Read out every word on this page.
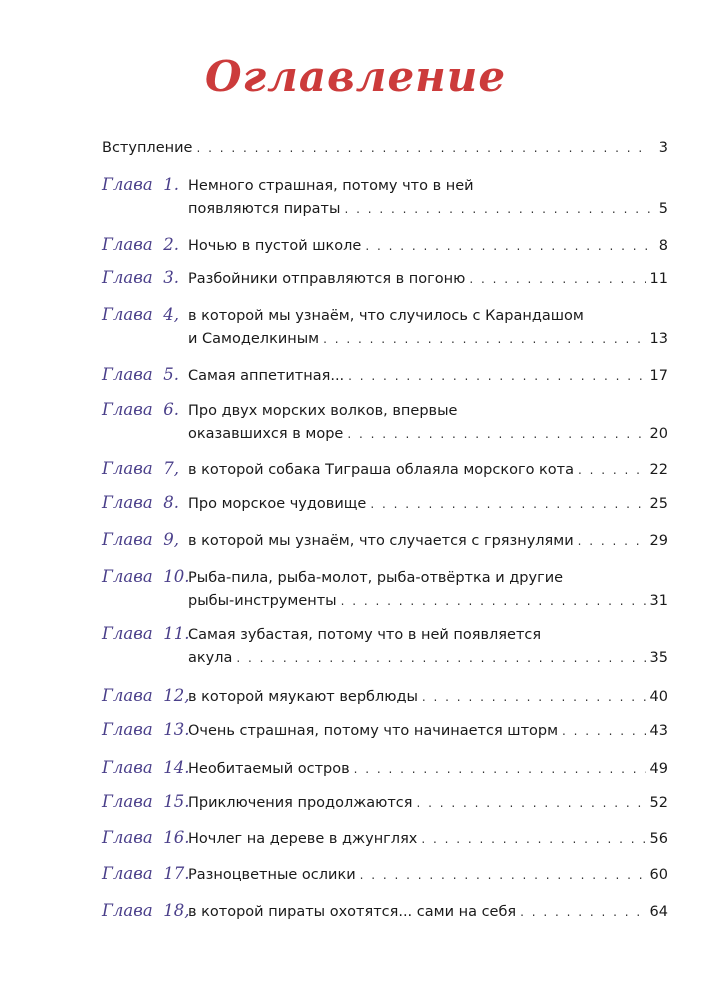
Оглавление
Вступление . . .	3
Глава 1. Немного страшная, потому что в ней
появляются пираты . . .	5
Глава 2. Ночью в пустой школе . . .	8
Глава 3. Разбойники отправляются в погоню . . .	11
Глава 4, в которой мы узнаём, что случилось с Карандашом
и Самоделкиным . . .	13
Глава 5. Самая аппетитная... . . .	17
Глава 6. Про двух морских волков, впервые
оказавшихся в море . . .	20
Глава 7, в которой собака Тиграша облаяла морского кота . . .	22
Глава 8. Про морское чудовище . . .	25
Глава 9, в которой мы узнаём, что случается с грязнулями . . .	29
Глава 10.Рыба-пила, рыба-молот, рыба-отвёртка и другие
рыбы-инструменты . . .	31
Глава 11.Самая зубастая, потому что в ней появляется
акула . . .	35
Глава 12,
в которой мяукают верблюды . . .	40
Глава 13.
Очень страшная, потому что начинается шторм . . .	43
Глава 14.
Необитаемый остров . . .	49
Глава 15.
Приключения продолжаются . . .	52
Глава 16.
Ночлег на дереве в джунглях . . .	56
Глава 17.
Разноцветные ослики . . .	60
Глава 18,
в которой пираты охотятся... сами на себя . . .	64
